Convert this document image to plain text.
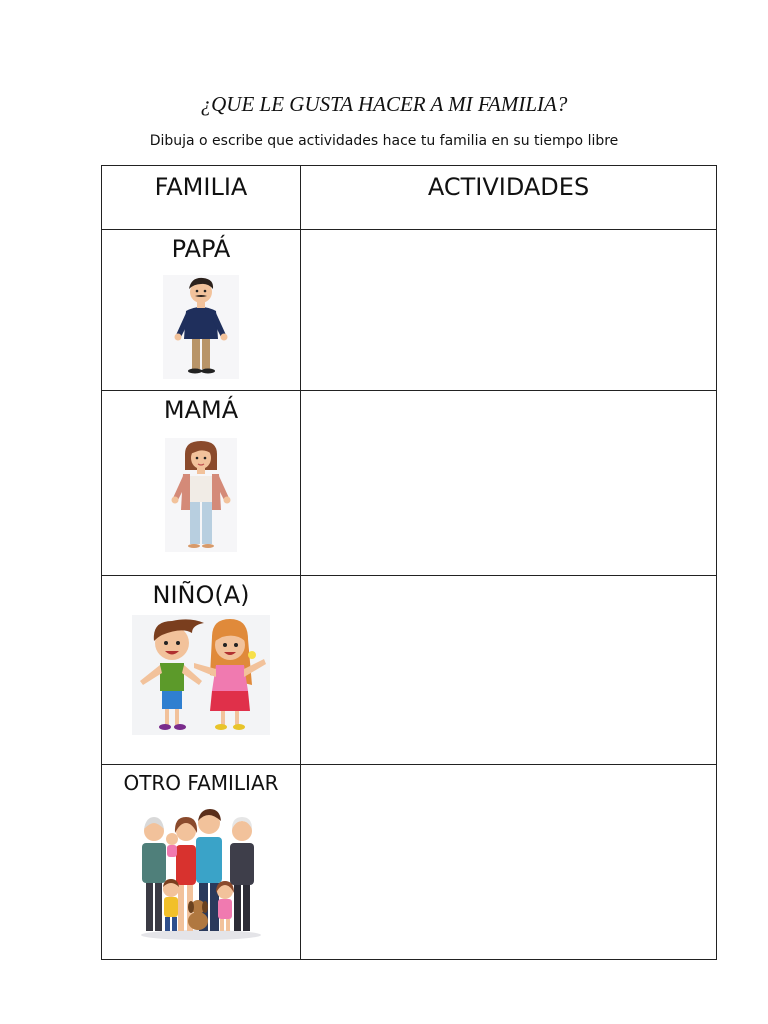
¿QUE LE GUSTA HACER A MI FAMILIA?
Dibuja o escribe que actividades hace tu familia en su tiempo libre
FAMILIA	ACTIVIDADES

PAPÁ	

MAMÁ	

NIÑO(A)	

OTRO FAMILIAR	
